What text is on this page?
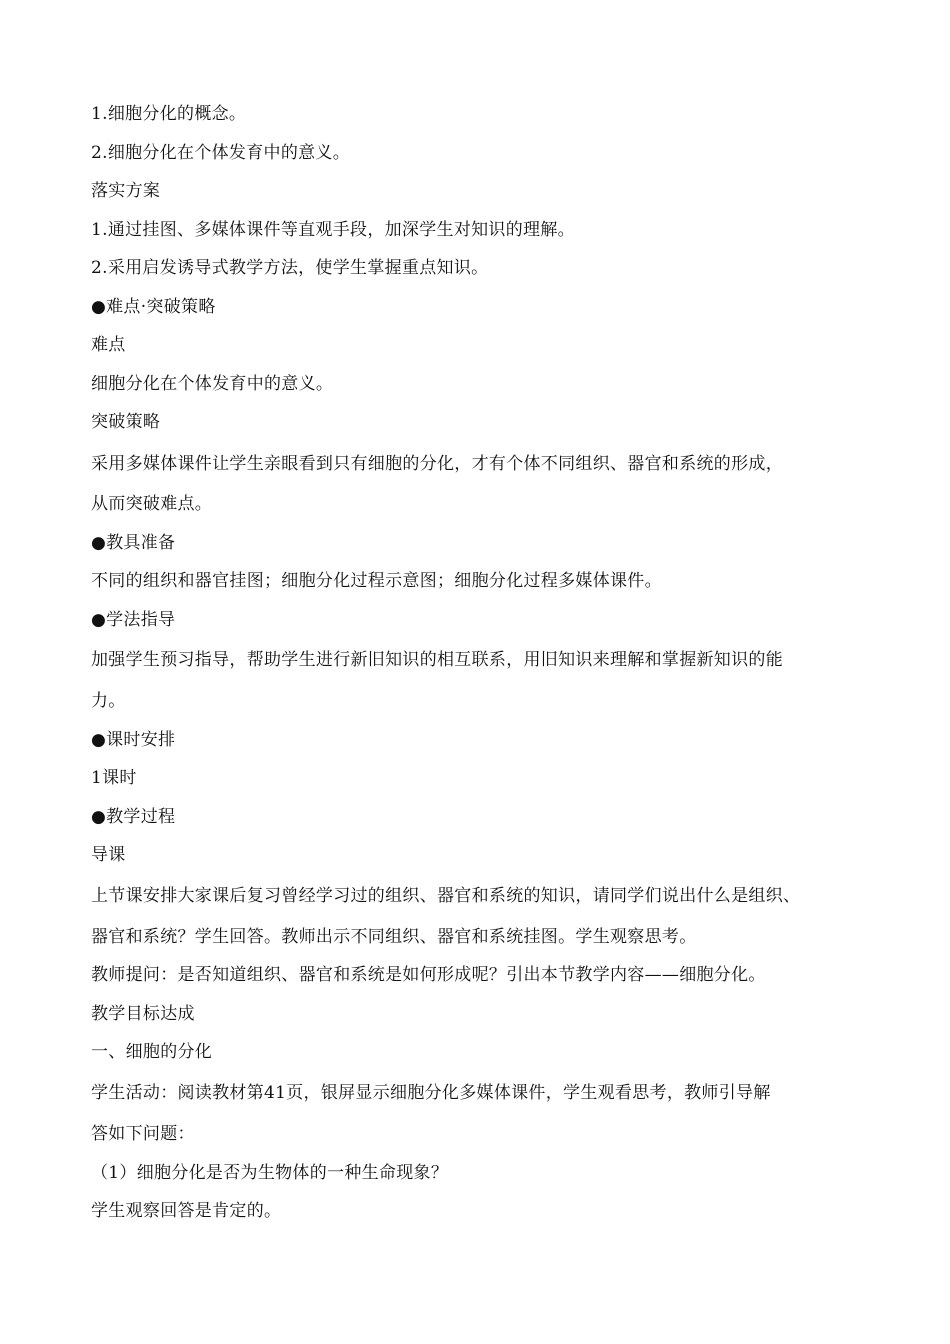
1.细胞分化的概念。
2.细胞分化在个体发育中的意义。
落实方案
1.通过挂图、多媒体课件等直观手段，加深学生对知识的理解。
2.采用启发诱导式教学方法，使学生掌握重点知识。
●难点·突破策略
难点
细胞分化在个体发育中的意义。
突破策略
采用多媒体课件让学生亲眼看到只有细胞的分化，才有个体不同组织、器官和系统的形成，
从而突破难点。
●教具准备
不同的组织和器官挂图；细胞分化过程示意图；细胞分化过程多媒体课件。
●学法指导
加强学生预习指导，帮助学生进行新旧知识的相互联系，用旧知识来理解和掌握新知识的能
力。
●课时安排
1课时
●教学过程
导课
上节课安排大家课后复习曾经学习过的组织、器官和系统的知识，请同学们说出什么是组织、
器官和系统？学生回答。教师出示不同组织、器官和系统挂图。学生观察思考。
教师提问：是否知道组织、器官和系统是如何形成呢？引出本节教学内容——细胞分化。
教学目标达成
一、细胞的分化
学生活动：阅读教材第41页，银屏显示细胞分化多媒体课件，学生观看思考，教师引导解
答如下问题：
（1）细胞分化是否为生物体的一种生命现象？
学生观察回答是肯定的。
